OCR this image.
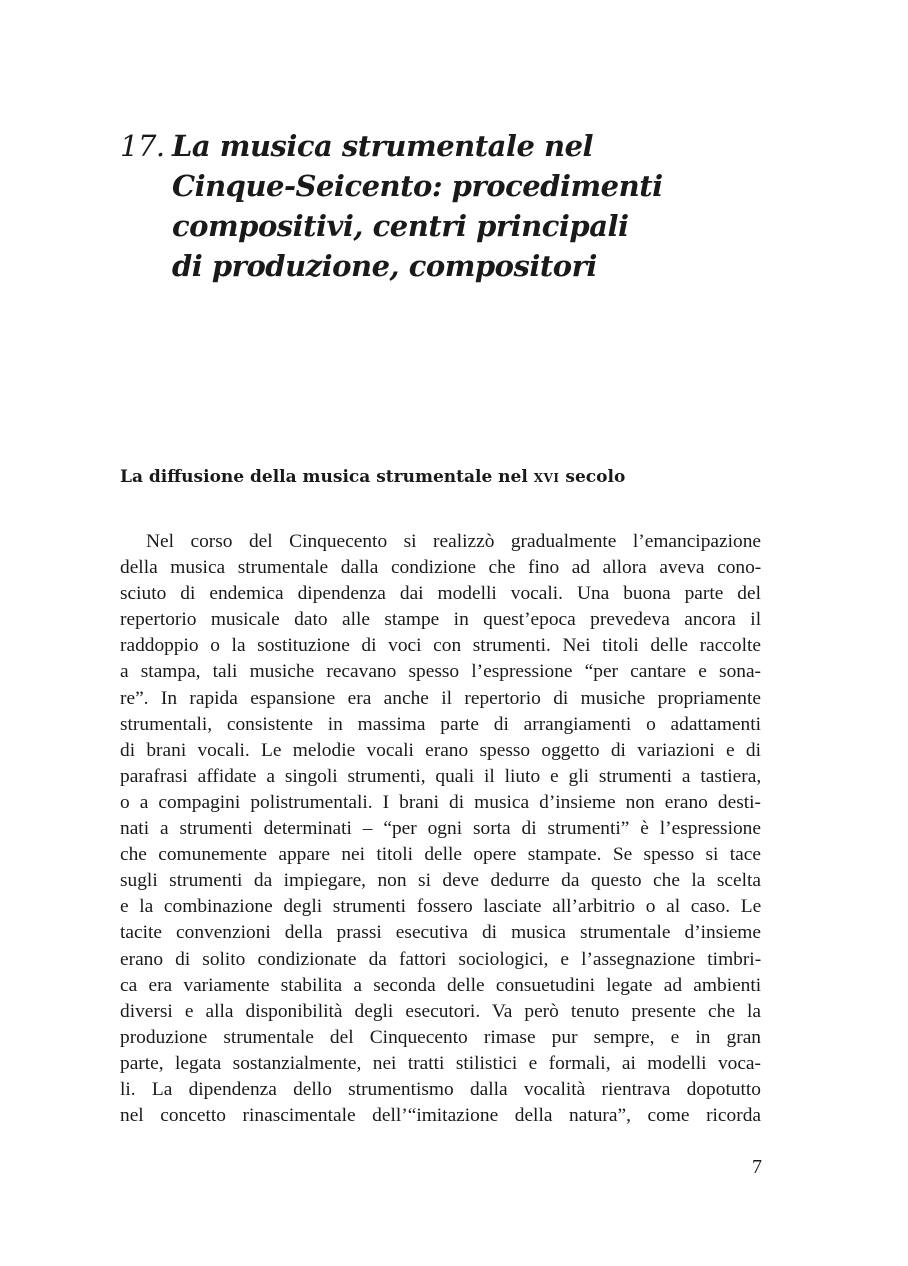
17. La musica strumentale nel
Cinque-Seicento: procedimenti
compositivi, centri principali
di produzione, compositori
La diffusione della musica strumentale nel xvi secolo
Nel corso del Cinquecento si realizzò gradualmente l’emancipazione
della musica strumentale dalla condizione che fino ad allora aveva cono-
sciuto di endemica dipendenza dai modelli vocali. Una buona parte del
repertorio musicale dato alle stampe in quest’epoca prevedeva ancora il
raddoppio o la sostituzione di voci con strumenti. Nei titoli delle raccolte
a stampa, tali musiche recavano spesso l’espressione “per cantare e sona-
re”. In rapida espansione era anche il repertorio di musiche propriamente
strumentali, consistente in massima parte di arrangiamenti o adattamenti
di brani vocali. Le melodie vocali erano spesso oggetto di variazioni e di
parafrasi affidate a singoli strumenti, quali il liuto e gli strumenti a tastiera,
o a compagini polistrumentali. I brani di musica d’insieme non erano desti-
nati a strumenti determinati – “per ogni sorta di strumenti” è l’espressione
che comunemente appare nei titoli delle opere stampate. Se spesso si tace
sugli strumenti da impiegare, non si deve dedurre da questo che la scelta
e la combinazione degli strumenti fossero lasciate all’arbitrio o al caso. Le
tacite convenzioni della prassi esecutiva di musica strumentale d’insieme
erano di solito condizionate da fattori sociologici, e l’assegnazione timbri-
ca era variamente stabilita a seconda delle consuetudini legate ad ambienti
diversi e alla disponibilità degli esecutori. Va però tenuto presente che la
produzione strumentale del Cinquecento rimase pur sempre, e in gran
parte, legata sostanzialmente, nei tratti stilistici e formali, ai modelli voca-
li. La dipendenza dello strumentismo dalla vocalità rientrava dopotutto
nel concetto rinascimentale dell’“imitazione della natura”, come ricorda
7
